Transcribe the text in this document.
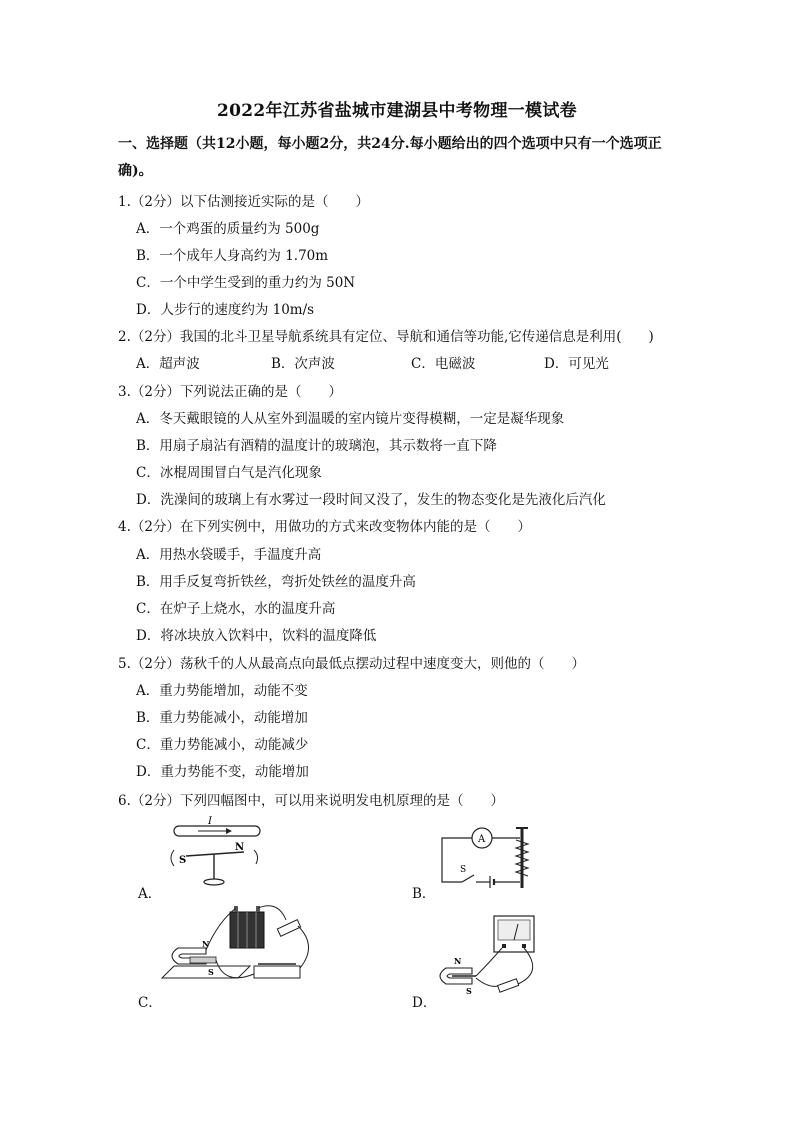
2022年江苏省盐城市建湖县中考物理一模试卷
一、选择题（共12小题，每小题2分，共24分.每小题给出的四个选项中只有一个选项正
确)。
1.（2分）以下估测接近实际的是（　　）
A．一个鸡蛋的质量约为 500g
B．一个成年人身高约为 1.70m
C．一个中学生受到的重力约为 50N
D．人步行的速度约为 10m/s
2.（2分）我国的北斗卫星导航系统具有定位、导航和通信等功能,它传递信息是利用(　　)
A．超声波	B．次声波	C．电磁波	D．可见光
3.（2分）下列说法正确的是（　　）
A．冬天戴眼镜的人从室外到温暖的室内镜片变得模糊，一定是凝华现象
B．用扇子扇沾有酒精的温度计的玻璃泡，其示数将一直下降
C．冰棍周围冒白气是汽化现象
D．洗澡间的玻璃上有水雾过一段时间又没了，发生的物态变化是先液化后汽化
4.（2分）在下列实例中，用做功的方式来改变物体内能的是（　　）
A．用热水袋暖手，手温度升高
B．用手反复弯折铁丝，弯折处铁丝的温度升高
C．在炉子上烧水，水的温度升高
D．将冰块放入饮料中，饮料的温度降低
5.（2分）荡秋千的人从最高点向最低点摆动过程中速度变大，则他的（　　）
A．重力势能增加，动能不变
B．重力势能减小，动能增加
C．重力势能减小，动能减少
D．重力势能不变，动能增加
6.（2分）下列四幅图中，可以用来说明发电机原理的是（　　）
A．
I
S
N
B．
A
S
C．
N
S
D．
N
S
